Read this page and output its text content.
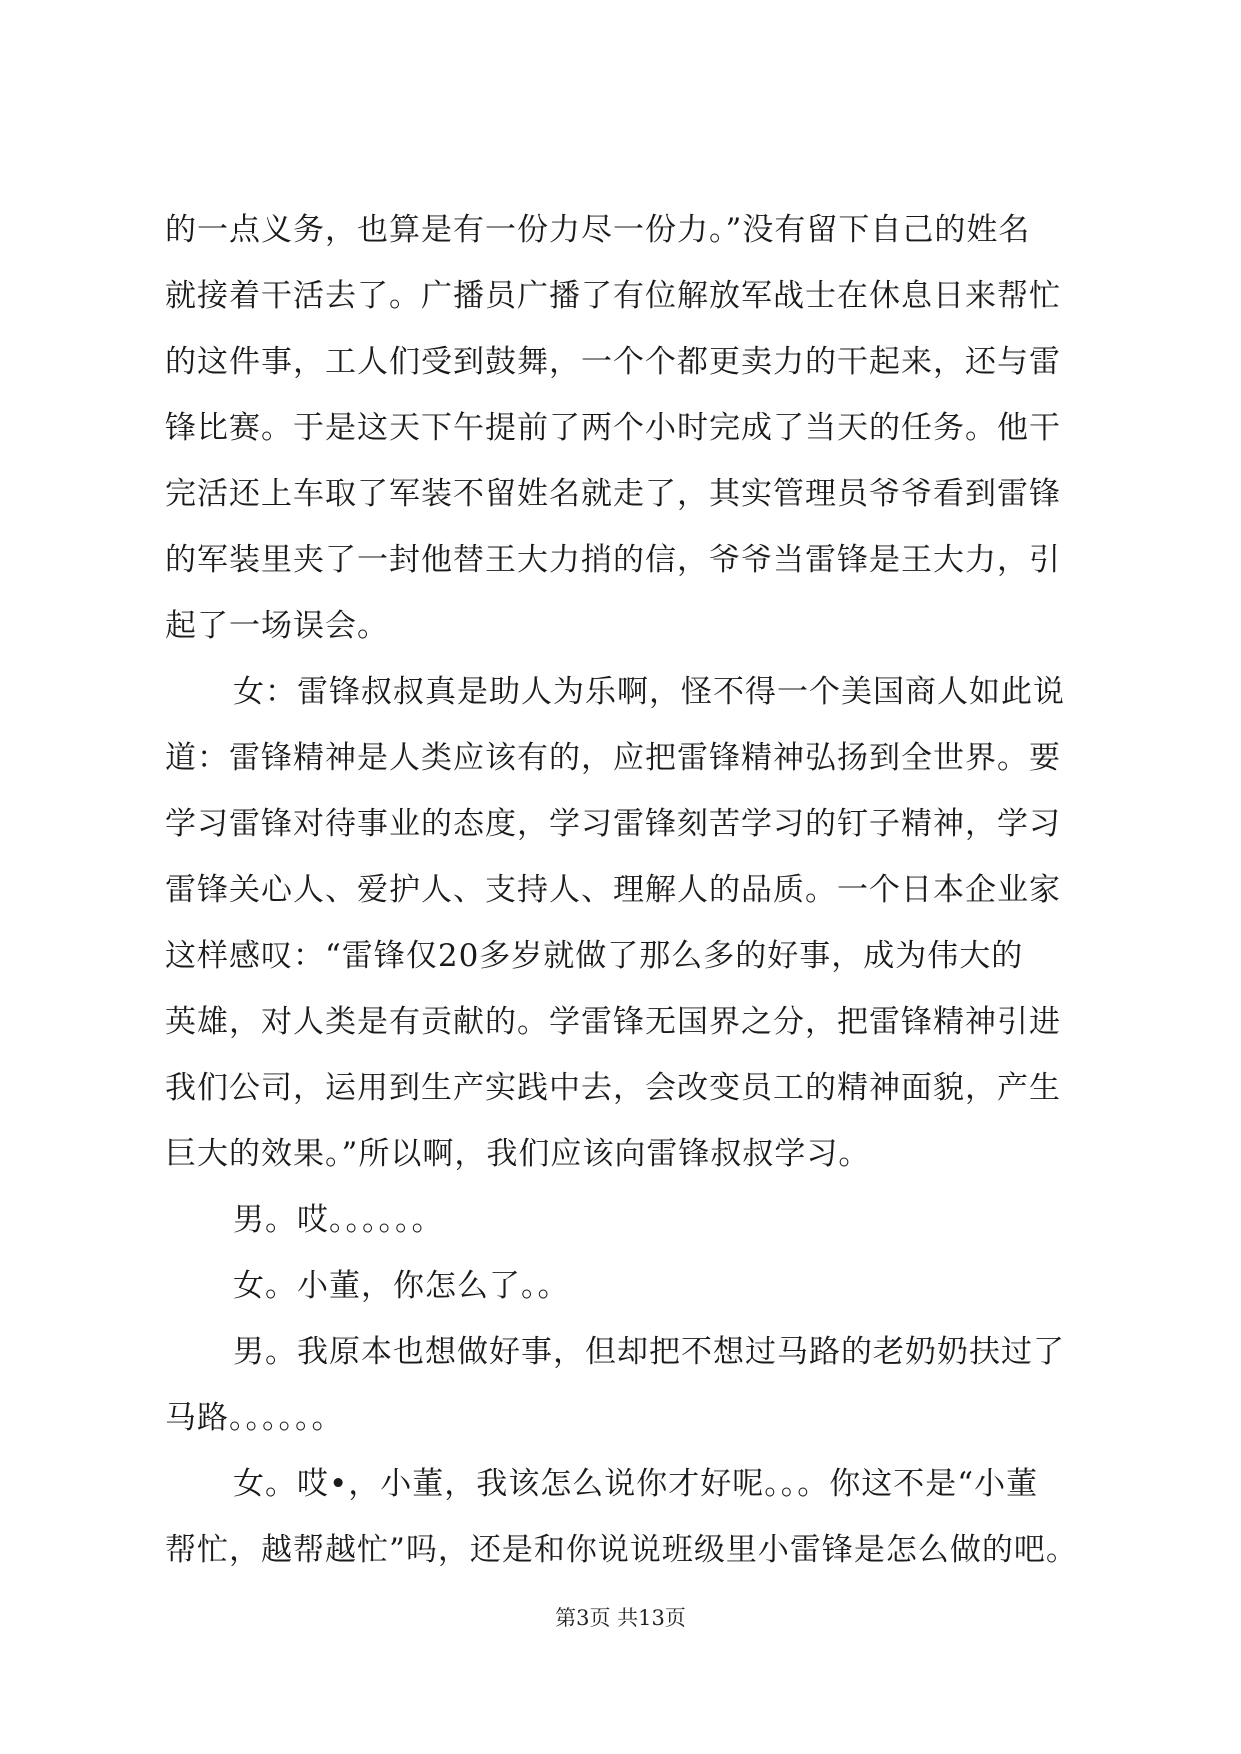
的一点义务，也算是有一份力尽一份力。”没有留下自己的姓名
就接着干活去了。广播员广播了有位解放军战士在休息日来帮忙
的这件事，工人们受到鼓舞，一个个都更卖力的干起来，还与雷
锋比赛。于是这天下午提前了两个小时完成了当天的任务。他干
完活还上车取了军装不留姓名就走了，其实管理员爷爷看到雷锋
的军装里夹了一封他替王大力捎的信，爷爷当雷锋是王大力，引
起了一场误会。
女：雷锋叔叔真是助人为乐啊，怪不得一个美国商人如此说
道：雷锋精神是人类应该有的，应把雷锋精神弘扬到全世界。要
学习雷锋对待事业的态度，学习雷锋刻苦学习的钉子精神，学习
雷锋关心人、爱护人、支持人、理解人的品质。一个日本企业家
这样感叹：“雷锋仅20多岁就做了那么多的好事，成为伟大的
英雄，对人类是有贡献的。学雷锋无国界之分，把雷锋精神引进
我们公司，运用到生产实践中去，会改变员工的精神面貌，产生
巨大的效果。”所以啊，我们应该向雷锋叔叔学习。
男。哎。。。。。。
女。小董，你怎么了。。
男。我原本也想做好事，但却把不想过马路的老奶奶扶过了
马路。。。。。。
女。哎•，小董，我该怎么说你才好呢。。。你这不是“小董
帮忙，越帮越忙”吗，还是和你说说班级里小雷锋是怎么做的吧。
第3页 共13页
